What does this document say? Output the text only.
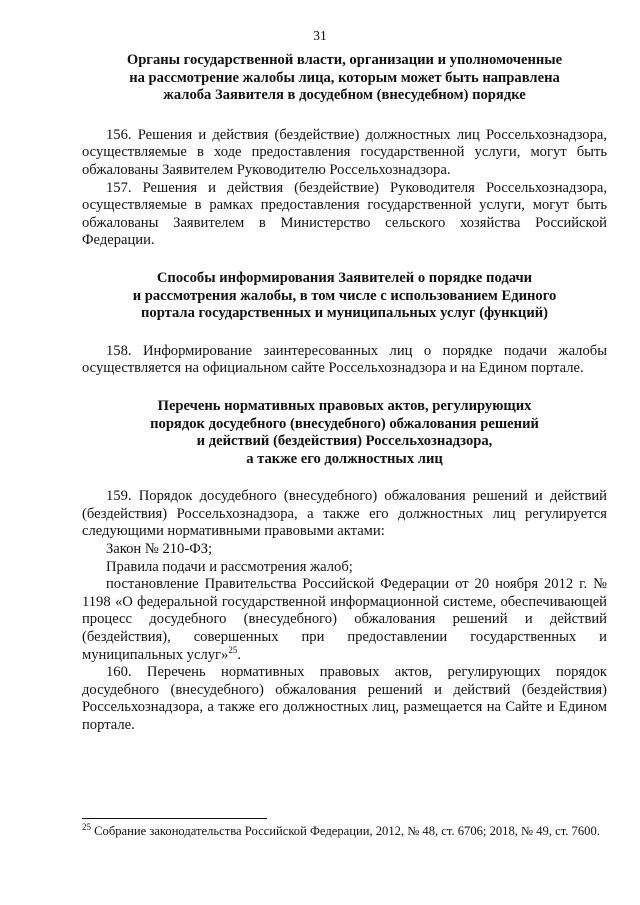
31
Органы государственной власти, организации и уполномоченные
на рассмотрение жалобы лица, которым может быть направлена
жалоба Заявителя в досудебном (внесудебном) порядке

156. Решения и действия (бездействие) должностных лиц Россельхознадзора, осуществляемые в ходе предоставления государственной услуги, могут быть обжалованы Заявителем Руководителю Россельхознадзора.

157. Решения и действия (бездействие) Руководителя Россельхознадзора, осуществляемые в рамках предоставления государственной услуги, могут быть обжалованы Заявителем в Министерство сельского хозяйства Российской Федерации.

Способы информирования Заявителей о порядке подачи
и рассмотрения жалобы, в том числе с использованием Единого
портала государственных и муниципальных услуг (функций)

158. Информирование заинтересованных лиц о порядке подачи жалобы осуществляется на официальном сайте Россельхознадзора и на Едином портале.

Перечень нормативных правовых актов, регулирующих
порядок досудебного (внесудебного) обжалования решений
и действий (бездействия) Россельхознадзора,
а также его должностных лиц

159. Порядок досудебного (внесудебного) обжалования решений и действий (бездействия) Россельхознадзора, а также его должностных лиц регулируется следующими нормативными правовыми актами:

Закон № 210-ФЗ;

Правила подачи и рассмотрения жалоб;

постановление Правительства Российской Федерации от 20 ноября 2012 г. № 1198 «О федеральной государственной информационной системе, обеспечивающей процесс досудебного (внесудебного) обжалования решений и действий (бездействия), совершенных при предоставлении государственных и муниципальных услуг»$^{25}$.

160. Перечень нормативных правовых актов, регулирующих порядок досудебного (внесудебного) обжалования решений и действий (бездействия) Россельхознадзора, а также его должностных лиц, размещается на Сайте и Едином портале.

$^{25}$ Собрание законодательства Российской Федерации, 2012, № 48, ст. 6706; 2018, № 49, ст. 7600.
